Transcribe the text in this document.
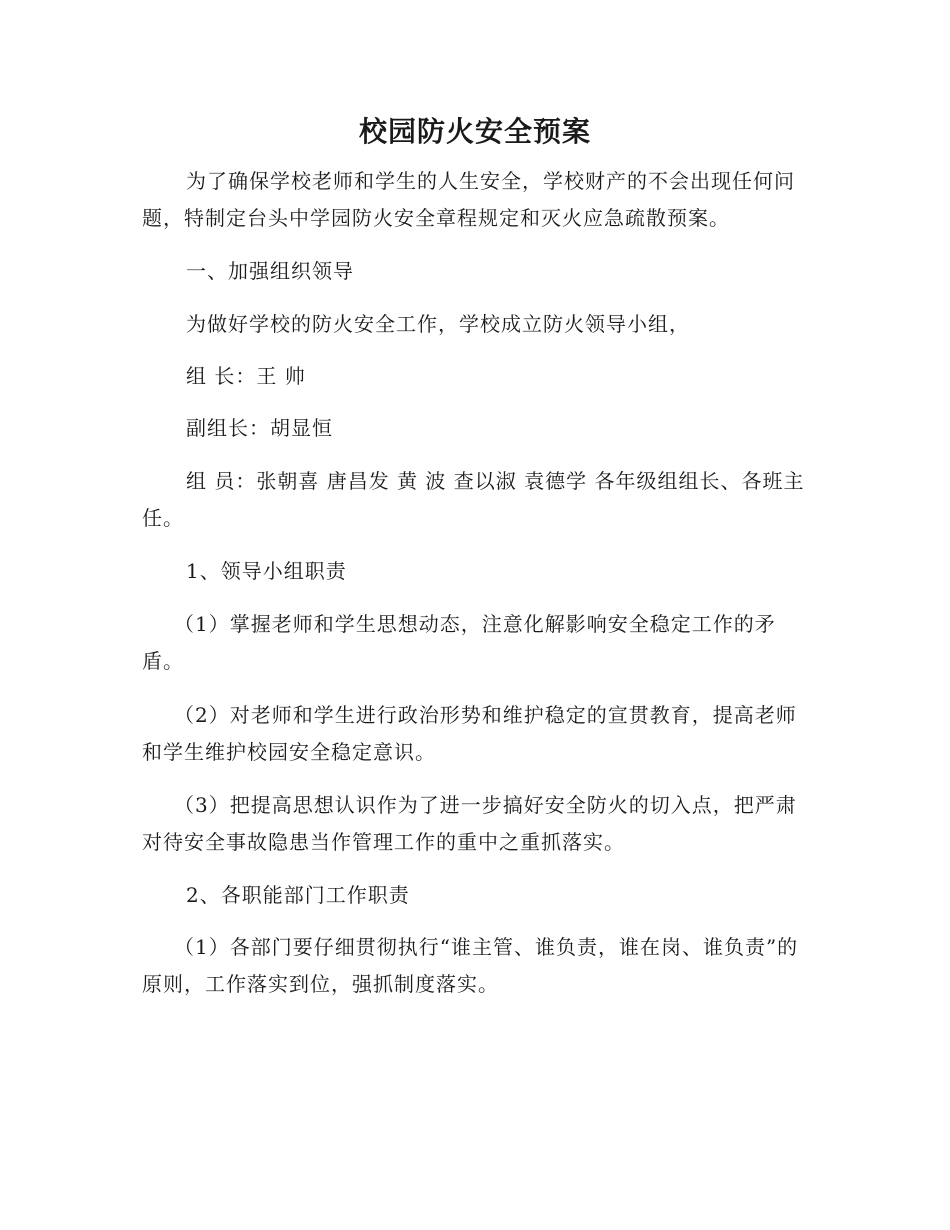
校园防火安全预案

为了确保学校老师和学生的人生安全，学校财产的不会出现任何问题，特制定台头中学园防火安全章程规定和灭火应急疏散预案。

一、加强组织领导

为做好学校的防火安全工作，学校成立防火领导小组，

组 长：王 帅

副组长：胡显恒

组 员：张朝喜 唐昌发 黄 波 查以淑 袁德学 各年级组组长、各班主任。

1、领导小组职责

（1）掌握老师和学生思想动态，注意化解影响安全稳定工作的矛盾。

（2）对老师和学生进行政治形势和维护稳定的宣贯教育，提高老师和学生维护校园安全稳定意识。

（3）把提高思想认识作为了进一步搞好安全防火的切入点，把严肃对待安全事故隐患当作管理工作的重中之重抓落实。

2、各职能部门工作职责

（1）各部门要仔细贯彻执行“谁主管、谁负责，谁在岗、谁负责”的原则，工作落实到位，强抓制度落实。
